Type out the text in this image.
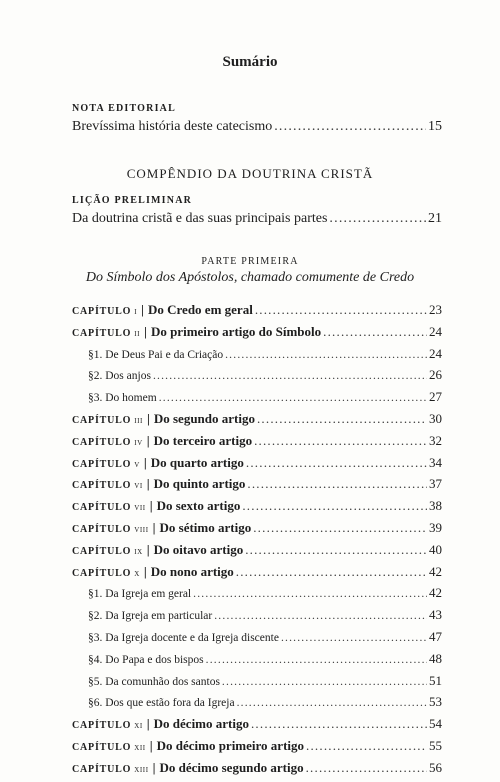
Sumário
NOTA EDITORIAL
Brevíssima história deste catecismo .....	15
COMPÊNDIO DA DOUTRINA CRISTÃ
LIÇÃO PRELIMINAR
Da doutrina cristã e das suas principais partes .....	21
PARTE PRIMEIRA
Do Símbolo dos Apóstolos, chamado comumente de Credo
CAPÍTULO i | Do Credo em geral .....	23
CAPÍTULO ii | Do primeiro artigo do Símbolo .....	24
§1. De Deus Pai e da Criação .....	24
§2. Dos anjos .....	26
§3. Do homem .....	27
CAPÍTULO iii | Do segundo artigo .....	30
CAPÍTULO iv | Do terceiro artigo .....	32
CAPÍTULO v | Do quarto artigo .....	34
CAPÍTULO vi | Do quinto artigo .....	37
CAPÍTULO vii | Do sexto artigo .....	38
CAPÍTULO viii | Do sétimo artigo .....	39
CAPÍTULO ix | Do oitavo artigo .....	40
CAPÍTULO x | Do nono artigo .....	42
§1. Da Igreja em geral .....	42
§2. Da Igreja em particular .....	43
§3. Da Igreja docente e da Igreja discente .....	47
§4. Do Papa e dos bispos .....	48
§5. Da comunhão dos santos .....	51
§6. Dos que estão fora da Igreja .....	53
CAPÍTULO xi | Do décimo artigo .....	54
CAPÍTULO xii | Do décimo primeiro artigo .....	55
CAPÍTULO xiii | Do décimo segundo artigo .....	56
